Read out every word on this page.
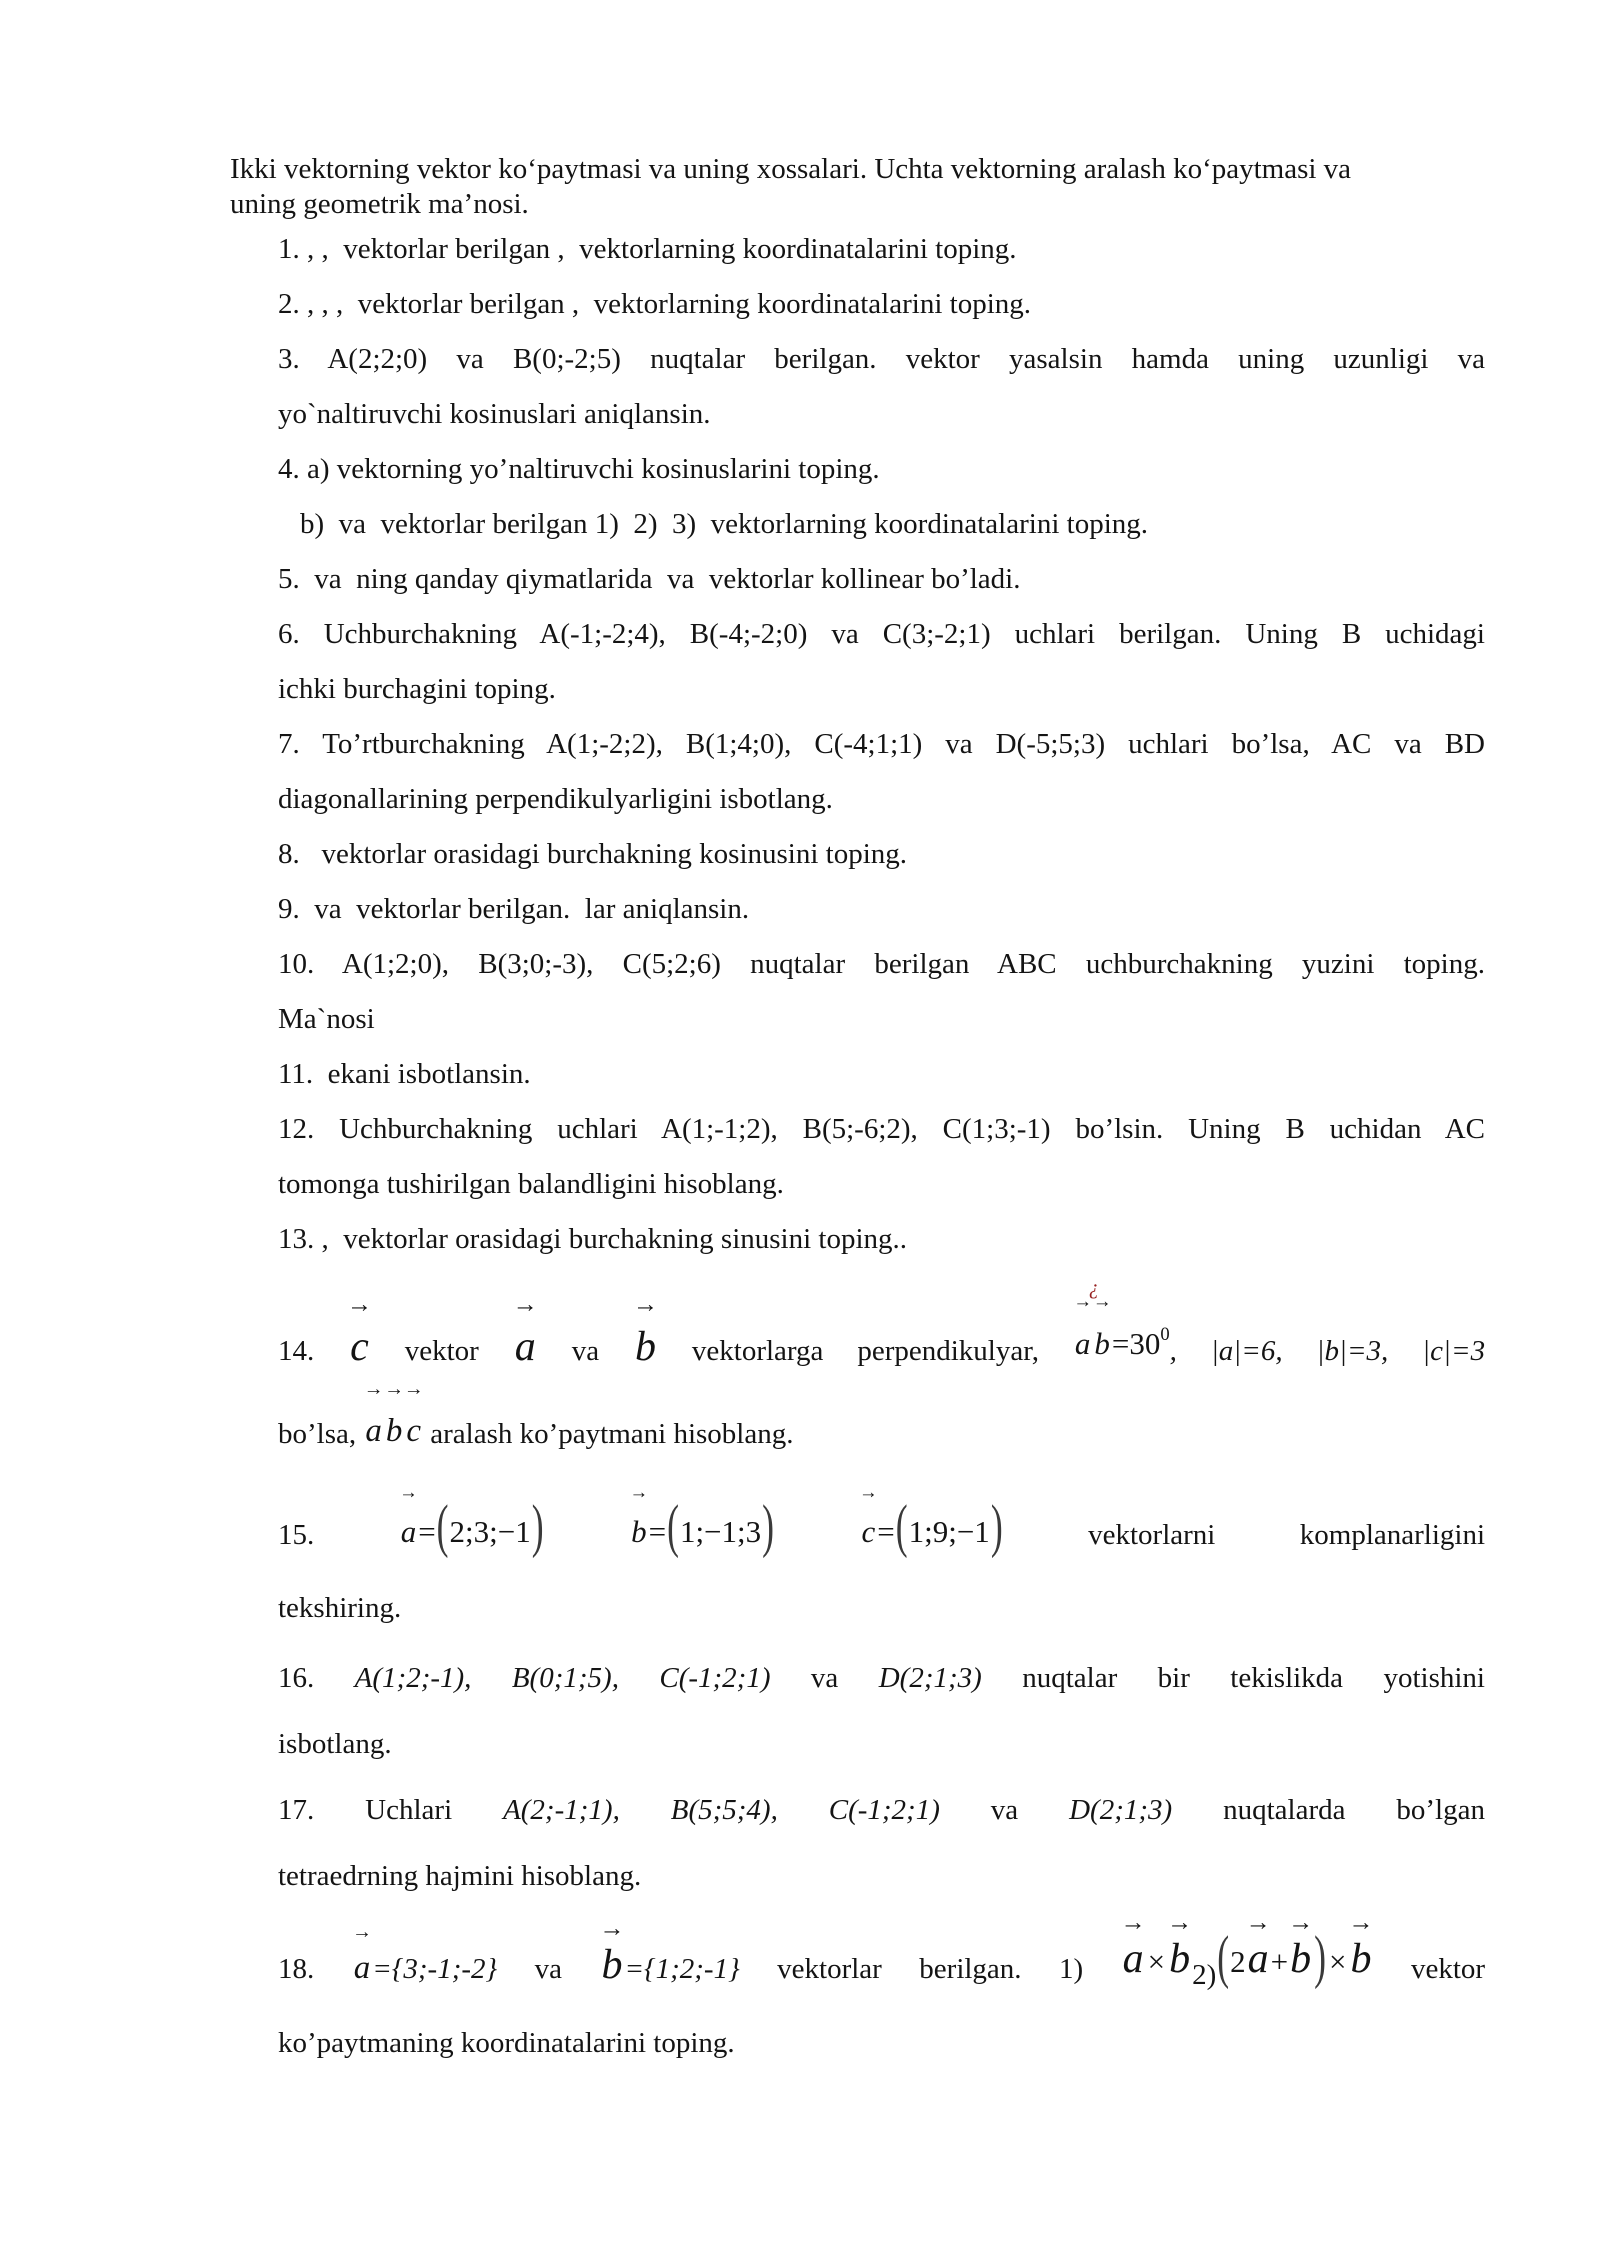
Ikki vektorning vektor ko‘paytmasi va uning xossalari. Uchta vektorning aralash ko‘paytmasi va
uning geometrik ma’nosi.

1. , ,  vektorlar berilgan ,  vektorlarning koordinatalarini toping.

2. , , ,  vektorlar berilgan ,  vektorlarning koordinatalarini toping.

3. A(2;2;0) va B(0;-2;5) nuqtalar berilgan. vektor yasalsin hamda uning uzunligi va
yo`naltiruvchi kosinuslari aniqlansin.

4. a) vektorning yo’naltiruvchi kosinuslarini toping.

b)  va  vektorlar berilgan 1)  2)  3)  vektorlarning koordinatalarini toping.

5.  va  ning qanday qiymatlarida  va  vektorlar kollinear bo’ladi.

6. Uchburchakning A(-1;-2;4), B(-4;-2;0) va C(3;-2;1) uchlari berilgan. Uning B uchidagi
ichki burchagini toping.

7. To’rtburchakning A(1;-2;2), B(1;4;0), C(-4;1;1) va D(-5;5;3) uchlari bo’lsa, AC va BD
diagonallarining perpendikulyarligini isbotlang.

8.   vektorlar orasidagi burchakning kosinusini toping.

9.  va  vektorlar berilgan.  lar aniqlansin.

10. A(1;2;0), B(3;0;-3), C(5;2;6) nuqtalar berilgan ABC uchburchakning yuzini toping.
Ma`nosi

11.  ekani isbotlansin.

12. Uchburchakning uchlari A(1;-1;2), B(5;-6;2), C(1;3;-1) bo’lsin. Uning B uchidan AC
tomonga tushirilgan balandligini hisoblang.

13. ,  vektorlar orasidagi burchakning sinusini toping..

14.
→
c vektor
→
a va
→
b vektorlarga perpendikulyar,
¿
→
a
→
$b=30^0$, |a|=6, |b|=3, |c|=3
bo’lsa,
→
a
→
b
→
c aralash ko’paytmani hisoblang.

15.
→
a=(2;3;−1)
→
b=(1;−1;3)
→
c=(1;9;−1)	vektorlarni komplanarligini
tekshiring.

16. A(1;2;-1), B(0;1;5), C(-1;2;1) va D(2;1;3) nuqtalar bir tekislikda yotishini
isbotlang.

17. Uchlari A(2;-1;1), B(5;5;4), C(-1;2;1) va D(2;1;3) nuqtalarda bo’lgan
tetraedrning hajmini hisoblang.

18.
→
a={3;-1;-2} va
→
b={1;2;-1} vektorlar berilgan. 1)
→
a ×
→
b2)(2
→
a+
→
b)×
→
b vektor
ko’paytmaning koordinatalarini toping.
